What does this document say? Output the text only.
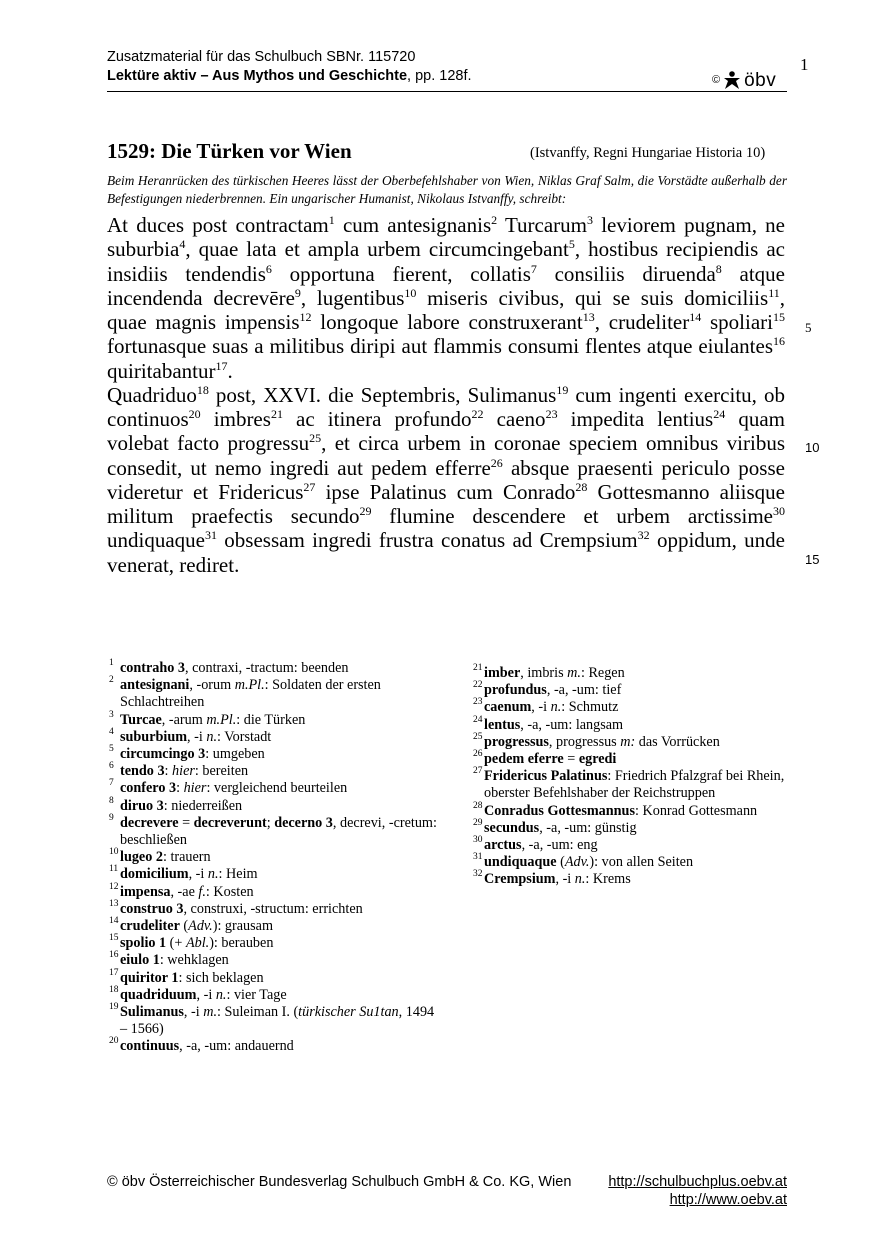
Zusatzmaterial für das Schulbuch SBNr. 115720
Lektüre aktiv – Aus Mythos und Geschichte, pp. 128f.
1
© öbv
1529: Die Türken vor Wien	(Istvanffy, Regni Hungariae Historia 10)
Beim Heranrücken des türkischen Heeres lässt der Oberbefehlshaber von Wien, Niklas Graf Salm, die Vorstädte außerhalb der Befestigungen niederbrennen. Ein ungarischer Humanist, Nikolaus Istvanffy, schreibt:

At duces post contractam$^1$ cum antesignanis$^2$ Turcarum$^3$ leviorem pugnam, ne suburbia$^4$, quae lata et ampla urbem circumcingebant$^5$, hostibus recipiendis ac insidiis tendendis$^6$ opportuna fierent, collatis$^7$ consiliis diruenda$^8$ atque incendenda decrevēre$^9$, lugentibus$^{10}$ miseris civibus, qui se suis domiciliis$^{11}$, quae magnis impensis$^{12}$ longoque labore construxerant$^{13}$, crudeliter$^{14}$ spoliari$^{15}$ fortunasque suas a militibus diripi aut flammis consumi flentes atque eiulantes$^{16}$ quiritabantur$^{17}$.

Quadriduo$^{18}$ post, XXVI. die Septembris, Sulimanus$^{19}$ cum ingenti exercitu, ob continuos$^{20}$ imbres$^{21}$ ac itinera profundo$^{22}$ caeno$^{23}$ impedita lentius$^{24}$ quam volebat facto progressu$^{25}$, et circa urbem in coronae speciem omnibus viribus consedit, ut nemo ingredi aut pedem efferre$^{26}$ absque praesenti periculo posse videretur et Fridericus$^{27}$ ipse Palatinus cum Conrado$^{28}$ Gottesmanno aliisque militum praefectis secundo$^{29}$ flumine descendere et urbem arctissime$^{30}$ undiquaque$^{31}$ obsessam ingredi frustra conatus ad Crempsium$^{32}$ oppidum, unde venerat, rediret.

5
10
15
1 contraho 3, contraxi, -tractum: beenden
2 antesignani, -orum m.Pl.: Soldaten der ersten Schlachtreihen
3 Turcae, -arum m.Pl.: die Türken
4 suburbium, -i n.: Vorstadt
5 circumcingo 3: umgeben
6 tendo 3: hier: bereiten
7 confero 3: hier: vergleichend beurteilen
8 diruo 3: niederreißen
9 decrevere = decreverunt; decerno 3, decrevi, -cretum: beschließen
10 lugeo 2: trauern
11 domicilium, -i n.: Heim
12 impensa, -ae f.: Kosten
13 construo 3, construxi, -structum: errichten
14 crudeliter (Adv.): grausam
15 spolio 1 (+ Abl.): berauben
16 eiulo 1: wehklagen
17 quiritor 1: sich beklagen
18 quadriduum, -i n.: vier Tage
19 Sulimanus, -i m.: Suleiman I. (türkischer Su1tan, 1494 – 1566)
20 continuus, -a, -um: andauernd
21 imber, imbris m.: Regen
22 profundus, -a, -um: tief
23 caenum, -i n.: Schmutz
24 lentus, -a, -um: langsam
25 progressus, progressus m: das Vorrücken
26 pedem eferre = egredi
27 Fridericus Palatinus: Friedrich Pfalzgraf bei Rhein, oberster Befehlshaber der Reichstruppen
28 Conradus Gottesmannus: Konrad Gottesmann
29 secundus, -a, -um: günstig
30 arctus, -a, -um: eng
31 undiquaque (Adv.): von allen Seiten
32 Crempsium, -i n.: Krems
© öbv Österreichischer Bundesverlag Schulbuch GmbH & Co. KG, Wien	http://schulbuchplus.oebv.at
http://www.oebv.at
